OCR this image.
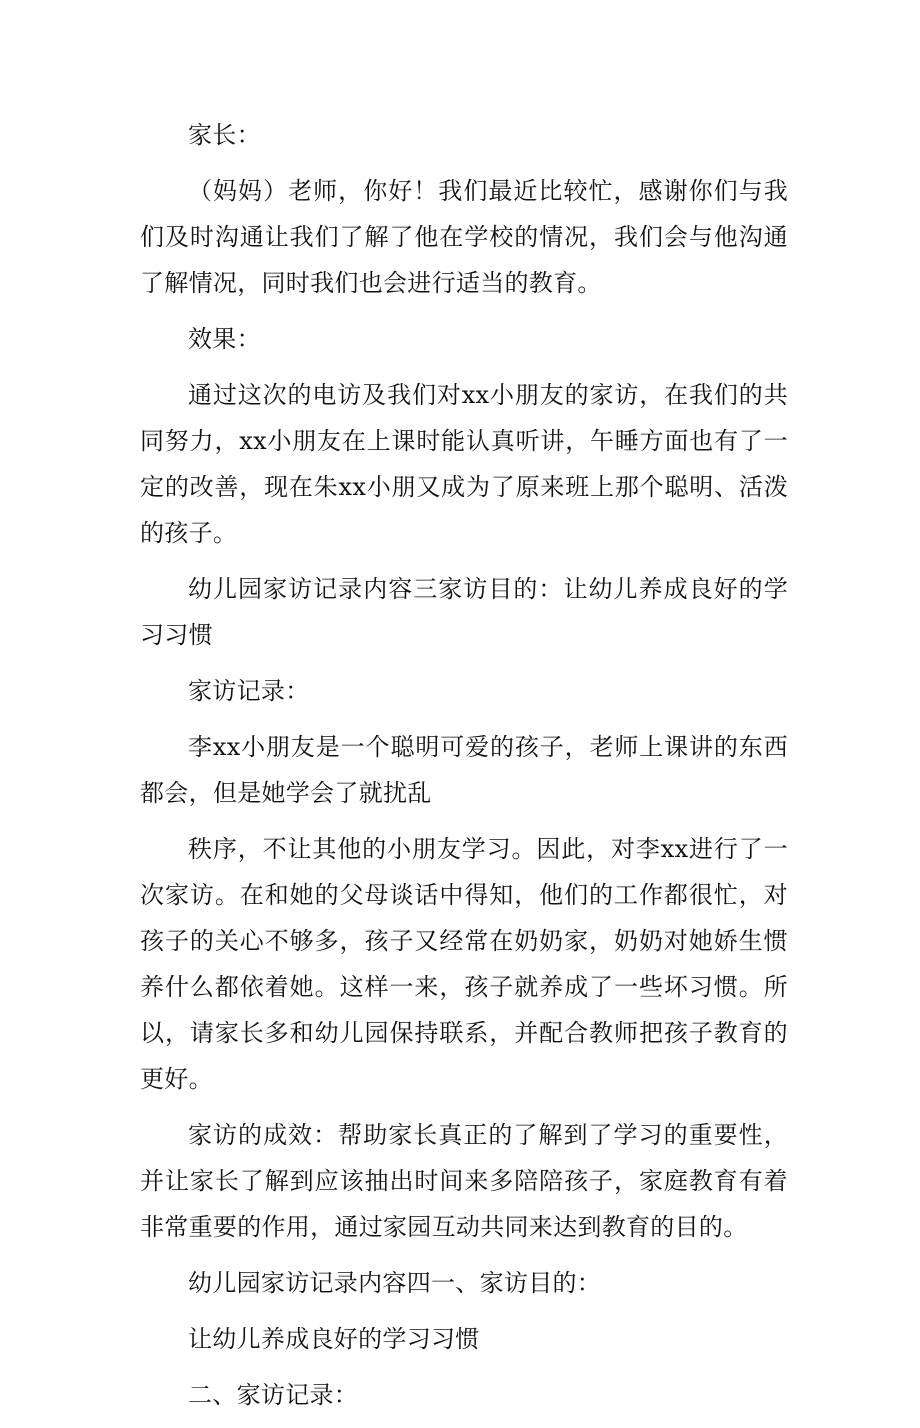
家长：

（妈妈）老师，你好！我们最近比较忙，感谢你们与我们及时沟通让我们了解了他在学校的情况，我们会与他沟通了解情况，同时我们也会进行适当的教育。

效果：

通过这次的电访及我们对xx小朋友的家访，在我们的共同努力，xx小朋友在上课时能认真听讲，午睡方面也有了一定的改善，现在朱xx小朋又成为了原来班上那个聪明、活泼的孩子。

幼儿园家访记录内容三家访目的：让幼儿养成良好的学习习惯

家访记录：

李xx小朋友是一个聪明可爱的孩子，老师上课讲的东西都会，但是她学会了就扰乱

秩序，不让其他的小朋友学习。因此，对李xx进行了一次家访。在和她的父母谈话中得知，他们的工作都很忙，对孩子的关心不够多，孩子又经常在奶奶家，奶奶对她娇生惯养什么都依着她。这样一来，孩子就养成了一些坏习惯。所以，请家长多和幼儿园保持联系，并配合教师把孩子教育的更好。

家访的成效：帮助家长真正的了解到了学习的重要性，并让家长了解到应该抽出时间来多陪陪孩子，家庭教育有着非常重要的作用，通过家园互动共同来达到教育的目的。

幼儿园家访记录内容四一、家访目的：

让幼儿养成良好的学习习惯

二、家访记录：
